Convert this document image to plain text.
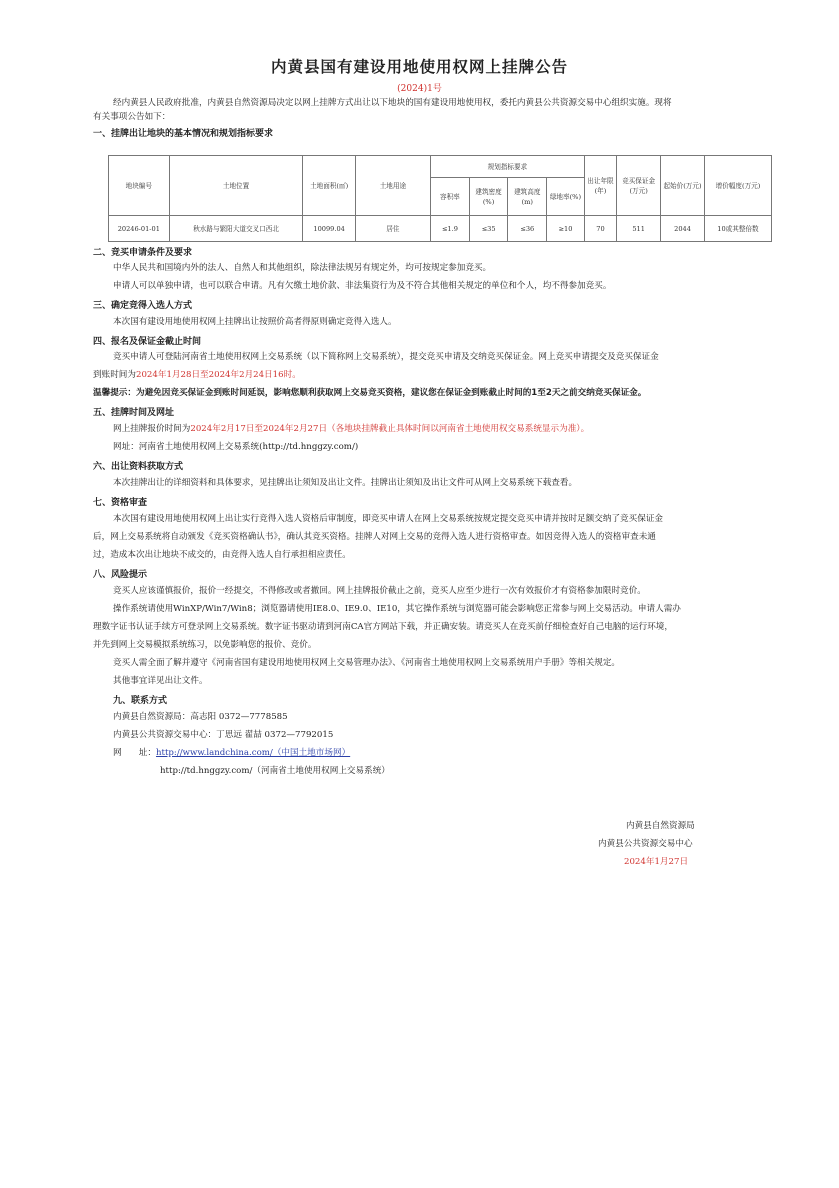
内黄县国有建设用地使用权网上挂牌公告
(2024)1号
经内黄县人民政府批准，内黄县自然资源局决定以网上挂牌方式出让以下地块的国有建设用地使用权，委托内黄县公共资源交易中心组织实施。现将
有关事项公告如下：
一、挂牌出让地块的基本情况和规划指标要求
地块编号	土地位置	土地面积(㎡)	土地用途	规划指标要求				出让年限(年)	竞买保证金(万元)	起始价(万元)	增价幅度(万元)
				容积率	建筑密度(%)	建筑高度(m)	绿地率(%)				
20246-01-01	秋水路与繁阳大道交叉口西北	10099.04	居住	≤1.9	≤35	≤36	≥10	70	511	2044	10或其整倍数
二、竞买申请条件及要求
中华人民共和国境内外的法人、自然人和其他组织，除法律法规另有规定外，均可按规定参加竞买。
申请人可以单独申请，也可以联合申请。凡有欠缴土地价款、非法集资行为及不符合其他相关规定的单位和个人，均不得参加竞买。
三、确定竞得入选人方式
本次国有建设用地使用权网上挂牌出让按照价高者得原则确定竞得入选人。
四、报名及保证金截止时间
竞买申请人可登陆河南省土地使用权网上交易系统（以下简称网上交易系统），提交竞买申请及交纳竞买保证金。网上竞买申请提交及竞买保证金
到账时间为2024年1月28日至2024年2月24日16时。
温馨提示：为避免因竞买保证金到账时间延误，影响您顺利获取网上交易竞买资格，建议您在保证金到账截止时间的1至2天之前交纳竞买保证金。
五、挂牌时间及网址
网上挂牌报价时间为2024年2月17日至2024年2月27日（各地块挂牌截止具体时间以河南省土地使用权交易系统显示为准）。
网址：河南省土地使用权网上交易系统(http://td.hnggzy.com/)
六、出让资料获取方式
本次挂牌出让的详细资料和具体要求，见挂牌出让须知及出让文件。挂牌出让须知及出让文件可从网上交易系统下载查看。
七、资格审查
本次国有建设用地使用权网上出让实行竞得入选人资格后审制度，即竞买申请人在网上交易系统按规定提交竞买申请并按时足额交纳了竞买保证金
后，网上交易系统将自动颁发《竞买资格确认书》，确认其竞买资格。挂牌人对网上交易的竞得入选人进行资格审查。如因竞得入选人的资格审查未通
过，造成本次出让地块不成交的，由竞得入选人自行承担相应责任。
八、风险提示
竞买人应该谨慎报价，报价一经提交，不得修改或者撤回。网上挂牌报价截止之前，竞买人应至少进行一次有效报价才有资格参加限时竞价。
操作系统请使用WinXP/Win7/Win8；浏览器请使用IE8.0、IE9.0、IE10，其它操作系统与浏览器可能会影响您正常参与网上交易活动。申请人需办
理数字证书认证手续方可登录网上交易系统。数字证书驱动请到河南CA官方网站下载，并正确安装。请竞买人在竞买前仔细检查好自己电脑的运行环境，
并先到网上交易模拟系统练习，以免影响您的报价、竞价。
竞买人需全面了解并遵守《河南省国有建设用地使用权网上交易管理办法》、《河南省土地使用权网上交易系统用户手册》等相关规定。
其他事宜详见出让文件。
九、联系方式
内黄县自然资源局：高志阳 0372—7778585
内黄县公共资源交易中心：丁思远 翟喆 0372—7792015
网　　址：http://www.landchina.com/（中国土地市场网）
http://td.hnggzy.com/（河南省土地使用权网上交易系统）
内黄县自然资源局
内黄县公共资源交易中心
2024年1月27日
